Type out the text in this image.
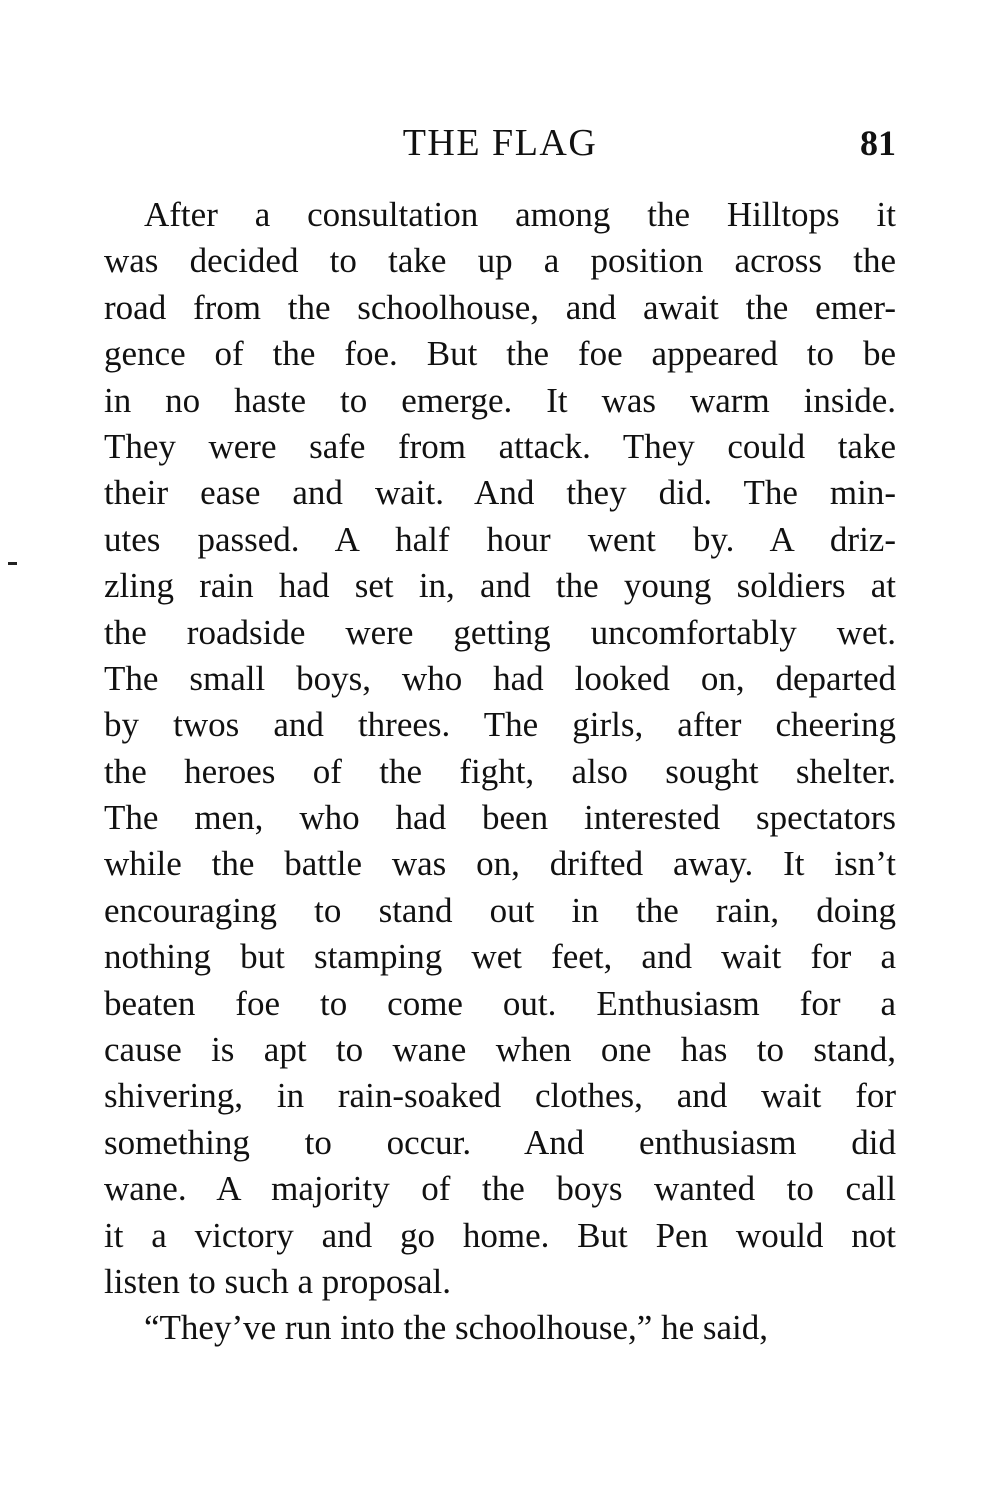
THE FLAG	81
After a consultation among the Hilltops it
was decided to take up a position across the
road from the schoolhouse, and await the emer-
gence of the foe. But the foe appeared to be
in no haste to emerge. It was warm inside.
They were safe from attack. They could take
their ease and wait. And they did. The min-
utes passed. A half hour went by. A driz-
zling rain had set in, and the young soldiers at
the roadside were getting uncomfortably wet.
The small boys, who had looked on, departed
by twos and threes. The girls, after cheering
the heroes of the fight, also sought shelter.
The men, who had been interested spectators
while the battle was on, drifted away. It isn’t
encouraging to stand out in the rain, doing
nothing but stamping wet feet, and wait for a
beaten foe to come out. Enthusiasm for a
cause is apt to wane when one has to stand,
shivering, in rain-soaked clothes, and wait for
something to occur. And enthusiasm did
wane. A majority of the boys wanted to call
it a victory and go home. But Pen would not
listen to such a proposal.
“They’ve run into the schoolhouse,” he said,
